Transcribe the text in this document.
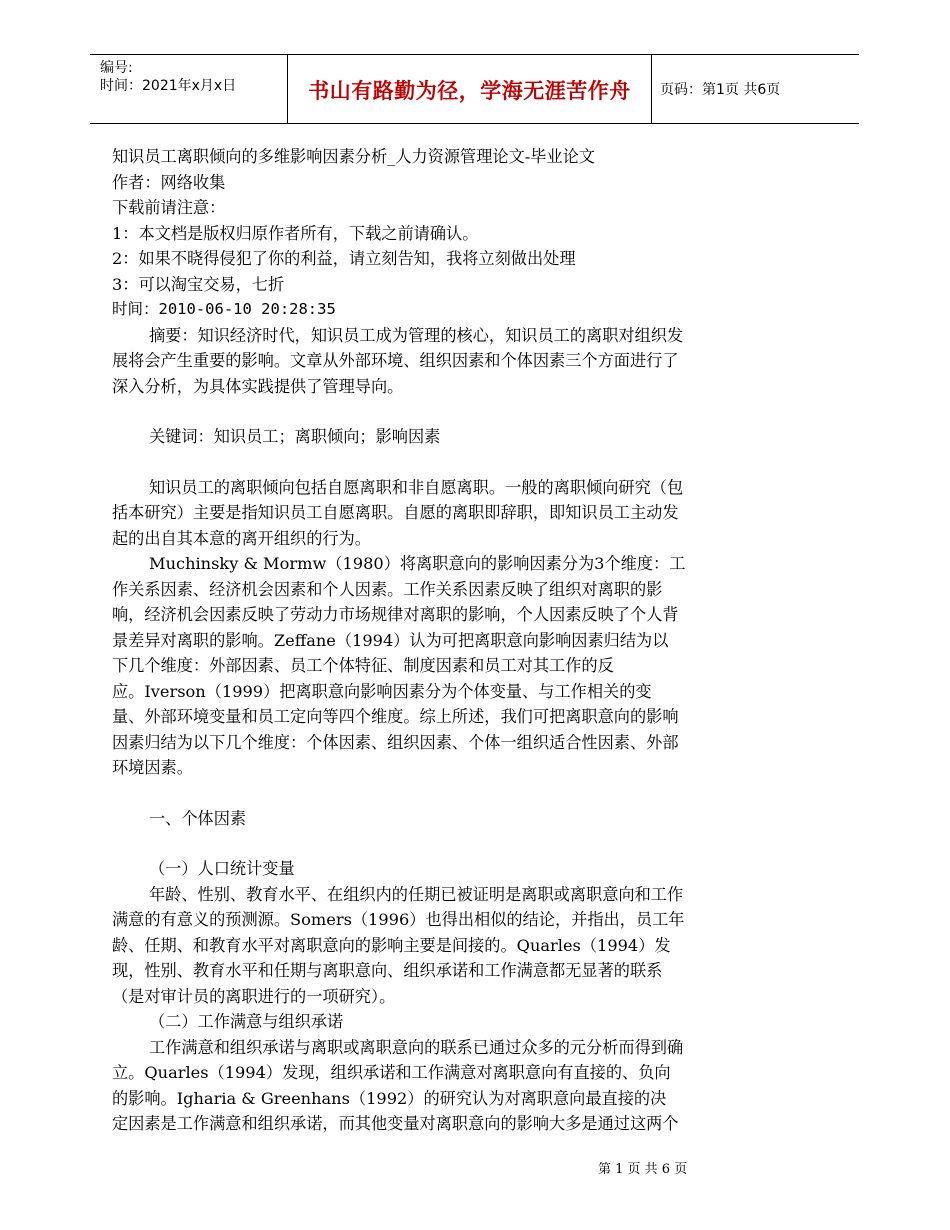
编号:
时间：2021年x月x日	书山有路勤为径，学海无涯苦作舟	页码：第1页 共6页
知识员工离职倾向的多维影响因素分析_人力资源管理论文-毕业论文
作者：网络收集
下载前请注意：
1：本文档是版权归原作者所有，下载之前请确认。
2：如果不晓得侵犯了你的利益，请立刻告知，我将立刻做出处理
3：可以淘宝交易，七折
时间：2010-06-10 20:28:35
摘要：知识经济时代，知识员工成为管理的核心，知识员工的离职对组织发
展将会产生重要的影响。文章从外部环境、组织因素和个体因素三个方面进行了
深入分析，为具体实践提供了管理导向。
关键词：知识员工；离职倾向；影响因素
知识员工的离职倾向包括自愿离职和非自愿离职。一般的离职倾向研究（包
括本研究）主要是指知识员工自愿离职。自愿的离职即辞职，即知识员工主动发
起的出自其本意的离开组织的行为。
Muchinsky & Mormw（1980）将离职意向的影响因素分为3个维度：工
作关系因素、经济机会因素和个人因素。工作关系因素反映了组织对离职的影
响，经济机会因素反映了劳动力市场规律对离职的影响，个人因素反映了个人背
景差异对离职的影响。Zeffane（1994）认为可把离职意向影响因素归结为以
下几个维度：外部因素、员工个体特征、制度因素和员工对其工作的反
应。Iverson（1999）把离职意向影响因素分为个体变量、与工作相关的变
量、外部环境变量和员工定向等四个维度。综上所述，我们可把离职意向的影响
因素归结为以下几个维度：个体因素、组织因素、个体一组织适合性因素、外部
环境因素。
一、个体因素
（一）人口统计变量
年龄、性别、教育水平、在组织内的任期已被证明是离职或离职意向和工作
满意的有意义的预测源。Somers（1996）也得出相似的结论，并指出，员工年
龄、任期、和教育水平对离职意向的影响主要是间接的。Quarles（1994）发
现，性别、教育水平和任期与离职意向、组织承诺和工作满意都无显著的联系
（是对审计员的离职进行的一项研究）。
（二）工作满意与组织承诺
工作满意和组织承诺与离职或离职意向的联系已通过众多的元分析而得到确
立。Quarles（1994）发现，组织承诺和工作满意对离职意向有直接的、负向
的影响。Igharia & Greenhans（1992）的研究认为对离职意向最直接的决
定因素是工作满意和组织承诺，而其他变量对离职意向的影响大多是通过这两个
第 1 页 共 6 页
